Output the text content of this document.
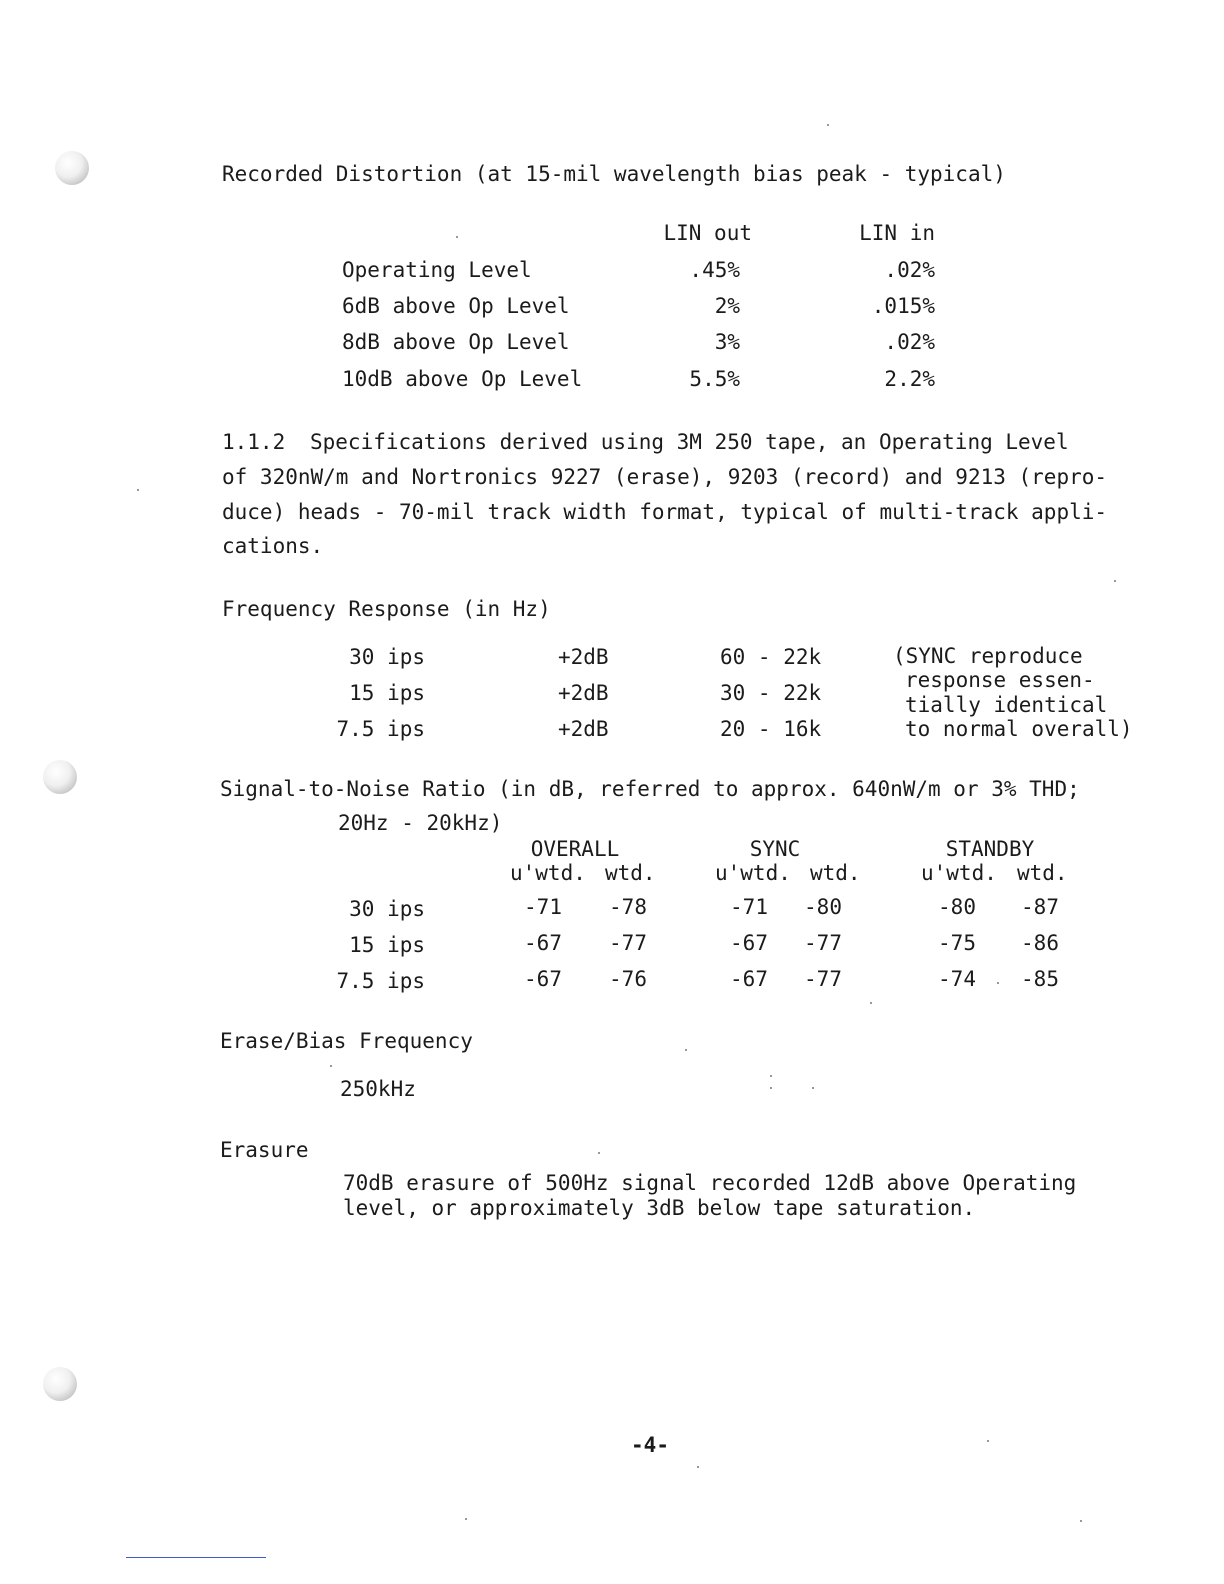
Recorded Distortion (at 15-mil wavelength bias peak - typical)
LIN out	LIN in
Operating Level	.45%	.02%
6dB above Op Level	2%	.015%
8dB above Op Level	3%	.02%
10dB above Op Level	5.5%	2.2%
1.1.2 Specifications derived using 3M 250 tape, an Operating Level
of 320nW/m and Nortronics 9227 (erase), 9203 (record) and 9213 (repro-
duce) heads - 70-mil track width format, typical of multi-track appli-
cations.
Frequency Response (in Hz)
30 ips	+2dB	60 - 22k
15 ips	+2dB	30 - 22k
7.5 ips	+2dB	20 - 16k
(SYNC reproduce
response essen-
tially identical
to normal overall)
Signal-to-Noise Ratio (in dB, referred to approx. 640nW/m or 3% THD;
20Hz - 20kHz)
OVERALL	SYNC	STANDBY
u'wtd. wtd.	u'wtd. wtd.	u'wtd. wtd.
30 ips	-71	-78	-71	-80	-80	-87
15 ips	-67	-77	-67	-77	-75	-86
7.5 ips	-67	-76	-67	-77	-74	-85
Erase/Bias Frequency
250kHz
Erasure
70dB erasure of 500Hz signal recorded 12dB above Operating
level, or approximately 3dB below tape saturation.
-4-
